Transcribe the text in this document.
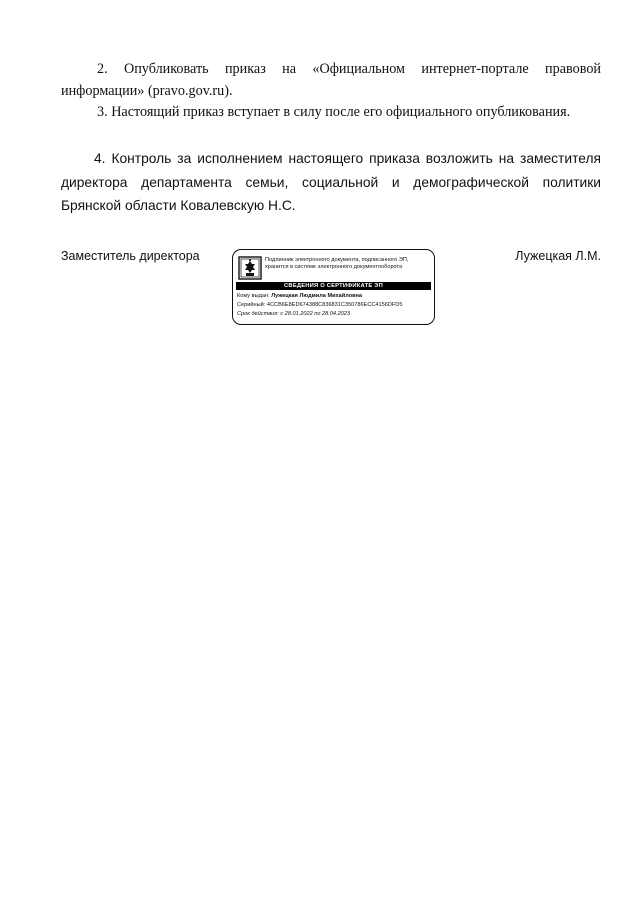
2. Опубликовать приказ на «Официальном интернет-портале правовой информации» (pravo.gov.ru).

3. Настоящий приказ вступает в силу после его официального опубликования.

4. Контроль за исполнением настоящего приказа возложить на заместителя директора департамента семьи, социальной и демографической политики Брянской области Ковалевскую Н.С.

Заместитель директора	Лужецкая Л.М.
Подлинник электронного документа, подписанного ЭП, хранится в системе электронного документооборота
СВЕДЕНИЯ О СЕРТИФИКАТЕ ЭП
Кому выдан: Лужецкая Людмила Михайловна
Серийный: 4CCB6E8ED674388C836831C350786ECC4156DFD5
Срок действия: с 28.01.2022 по 28.04.2023
